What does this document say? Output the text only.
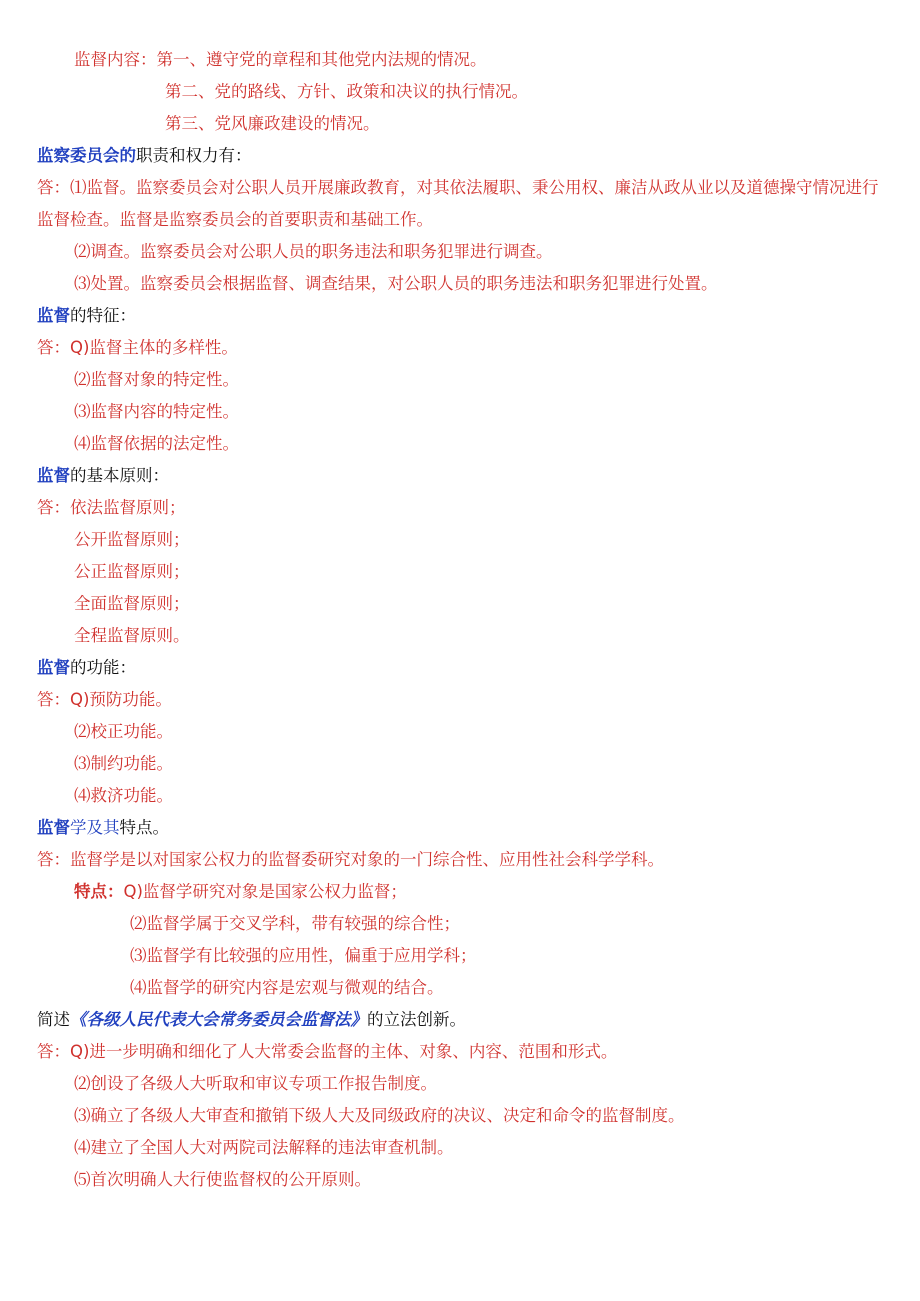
监督内容：第一、遵守党的章程和其他党内法规的情况。
第二、党的路线、方针、政策和决议的执行情况。
第三、党风廉政建设的情况。
监察委员会的职责和权力有：
答：⑴监督。监察委员会对公职人员开展廉政教育，对其依法履职、秉公用权、廉洁从政从业以及道德操守情况进行监督检查。监督是监察委员会的首要职责和基础工作。
⑵调查。监察委员会对公职人员的职务违法和职务犯罪进行调查。
⑶处置。监察委员会根据监督、调查结果，对公职人员的职务违法和职务犯罪进行处置。
监督的特征：
答：Q)监督主体的多样性。
⑵监督对象的特定性。
⑶监督内容的特定性。
⑷监督依据的法定性。
监督的基本原则：
答：依法监督原则；
公开监督原则；
公正监督原则；
全面监督原则；
全程监督原则。
监督的功能：
答：Q)预防功能。
⑵校正功能。
⑶制约功能。
⑷救济功能。
监督学及其特点。
答：监督学是以对国家公权力的监督委研究对象的一门综合性、应用性社会科学学科。
特点：Q)监督学研究对象是国家公权力监督；
⑵监督学属于交叉学科，带有较强的综合性；
⑶监督学有比较强的应用性，偏重于应用学科；
⑷监督学的研究内容是宏观与微观的结合。
简述《各级人民代表大会常务委员会监督法》的立法创新。
答：Q)进一步明确和细化了人大常委会监督的主体、对象、内容、范围和形式。
⑵创设了各级人大听取和审议专项工作报告制度。
⑶确立了各级人大审查和撤销下级人大及同级政府的决议、决定和命令的监督制度。
⑷建立了全国人大对两院司法解释的违法审查机制。
⑸首次明确人大行使监督权的公开原则。
